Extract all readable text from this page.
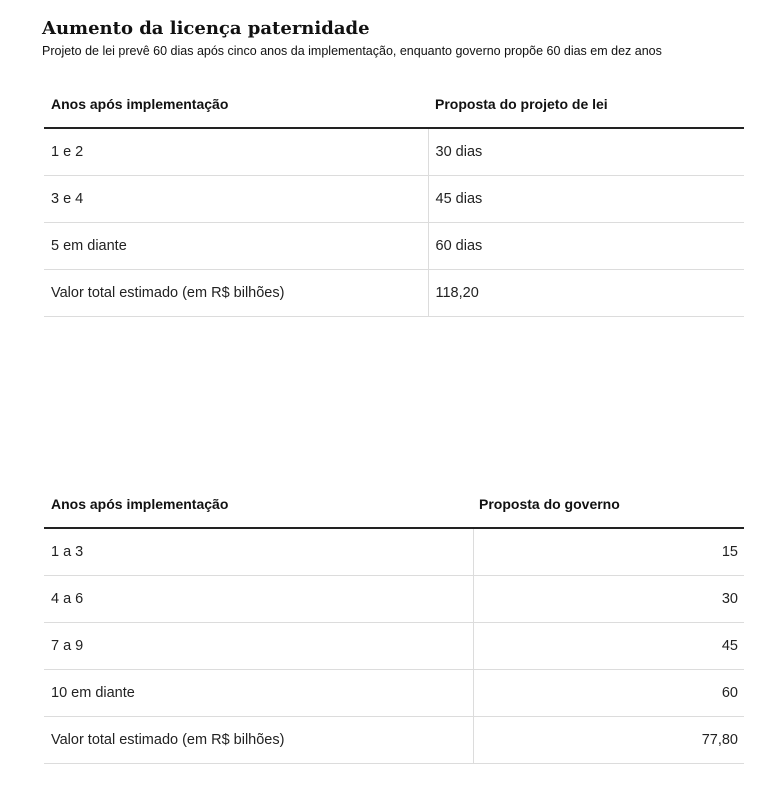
Aumento da licença paternidade

Projeto de lei prevê 60 dias após cinco anos da implementação, enquanto governo propõe 60 dias em dez anos

Anos após implementação	Proposta do projeto de lei
1 e 2	30 dias
3 e 4	45 dias
5 em diante	60 dias
Valor total estimado (em R$ bilhões)	118,20
Anos após implementação	Proposta do governo
1 a 3	15
4 a 6	30
7 a 9	45
10 em diante	60
Valor total estimado (em R$ bilhões)	77,80
